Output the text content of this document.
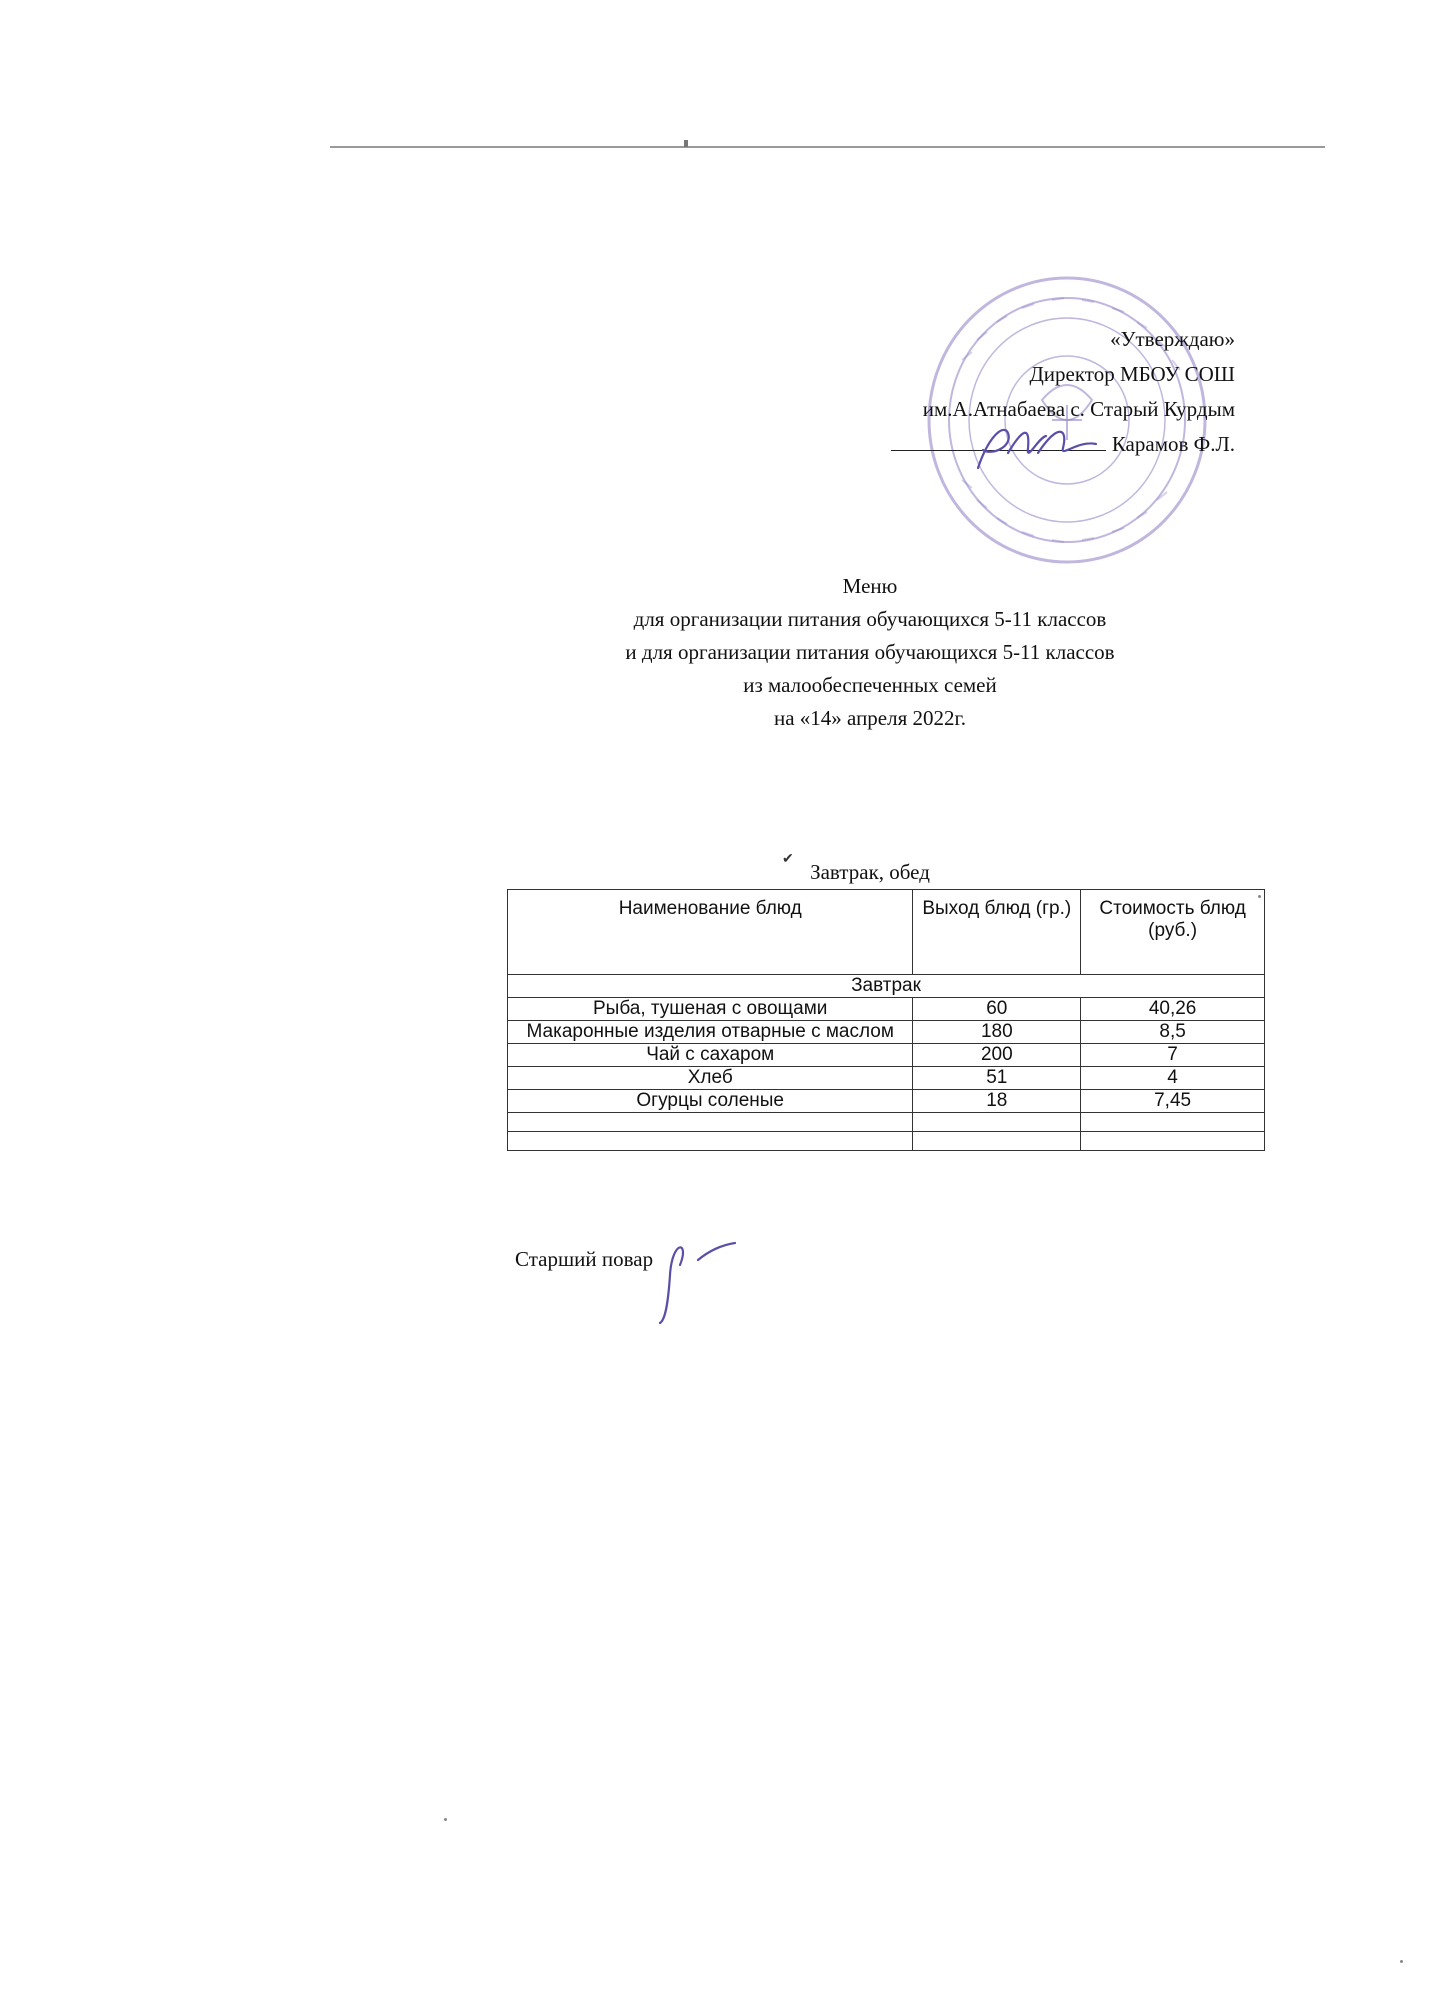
«Утверждаю»
Директор МБОУ СОШ
им.А.Атнабаева с. Старый Курдым
Карамов Ф.Л.
Меню
для организации питания обучающихся 5-11 классов
и для организации питания обучающихся 5-11 классов
из малообеспеченных семей
на «14» апреля 2022г.
✔
Завтрак, обед
Наименование блюд	Выход блюд (гр.)	Стоимость блюд (руб.)
Завтрак		
Рыба, тушеная с овощами	60	40,26
Макаронные изделия отварные с маслом	180	8,5
Чай с сахаром	200	7
Хлеб	51	4
Огурцы соленые	18	7,45

Старший повар
